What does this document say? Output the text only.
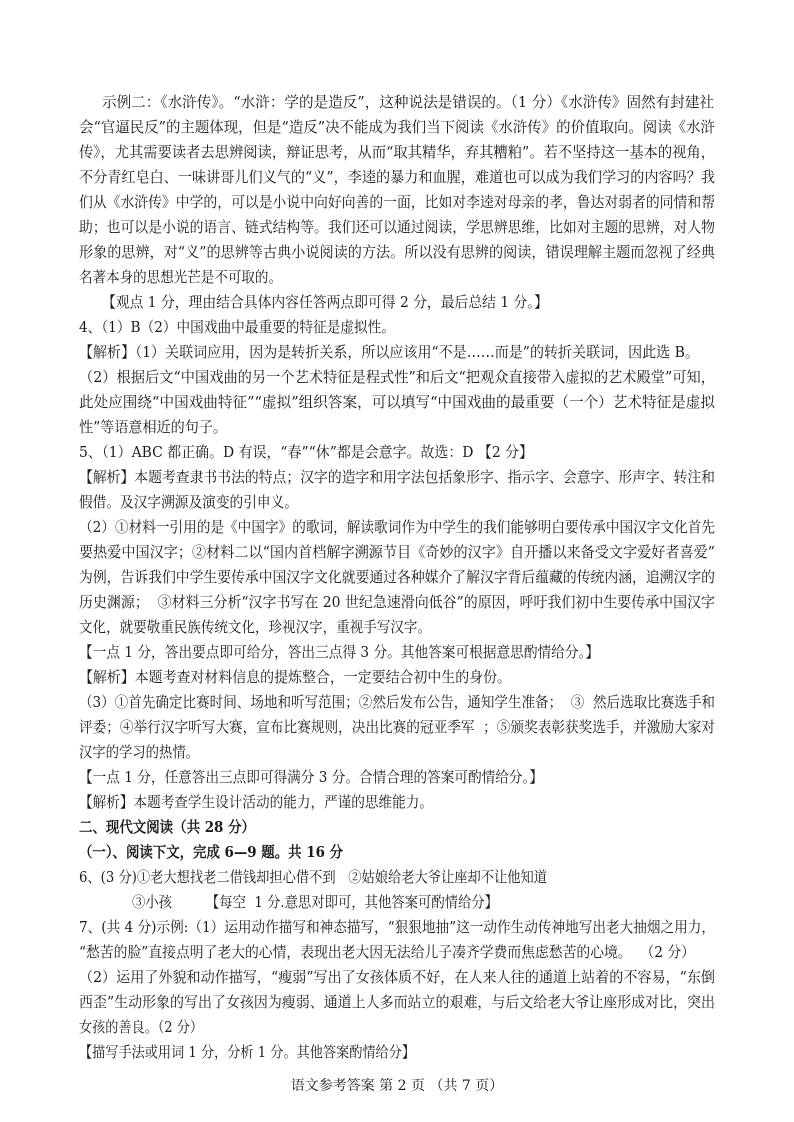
示例二：《水浒传》。“水浒：学的是造反”，这种说法是错误的。（1 分）《水浒传》固然有封建社
会“官逼民反”的主题体现，但是“造反”决不能成为我们当下阅读《水浒传》的价值取向。阅读《水浒
传》，尤其需要读者去思辨阅读，辩证思考，从而“取其精华，弃其糟粕”。若不坚持这一基本的视角，
不分青红皂白、一味讲哥儿们义气的“义”，李逵的暴力和血腥，难道也可以成为我们学习的内容吗？我
们从《水浒传》中学的，可以是小说中向好向善的一面，比如对李逵对母亲的孝，鲁达对弱者的同情和帮
助；也可以是小说的语言、链式结构等。我们还可以通过阅读，学思辨思维，比如对主题的思辨，对人物
形象的思辨，对“义”的思辨等古典小说阅读的方法。所以没有思辨的阅读，错误理解主题而忽视了经典
名著本身的思想光芒是不可取的。
【观点 1 分，理由结合具体内容任答两点即可得 2 分，最后总结 1 分。】
4、（1）B（2）中国戏曲中最重要的特征是虚拟性。
【解析】（1）关联词应用，因为是转折关系，所以应该用“不是……而是”的转折关联词，因此选 B。
（2）根据后文“中国戏曲的另一个艺术特征是程式性”和后文“把观众直接带入虚拟的艺术殿堂”可知，
此处应围绕“中国戏曲特征”“虚拟”组织答案，可以填写“中国戏曲的最重要（一个）艺术特征是虚拟
性”等语意相近的句子。
5、（1）ABC 都正确。D 有误，“春”“休”都是会意字。故选：D 【2 分】
【解析】本题考查隶书书法的特点；汉字的造字和用字法包括象形字、指示字、会意字、形声字、转注和
假借。及汉字溯源及演变的引申义。
（2）①材料一引用的是《中国字》的歌词，解读歌词作为中学生的我们能够明白要传承中国汉字文化首先
要热爱中国汉字；②材料二以“国内首档解字溯源节目《奇妙的汉字》自开播以来备受文字爱好者喜爱”
为例，告诉我们中学生要传承中国汉字文化就要通过各种媒介了解汉字背后蕴藏的传统内涵，追溯汉字的
历史渊源；  ③材料三分析“汉字书写在 20 世纪急速滑向低谷”的原因，呼吁我们初中生要传承中国汉字
文化，就要敬重民族传统文化，珍视汉字，重视手写汉字。
【一点 1 分，答出要点即可给分，答出三点得 3 分。其他答案可根据意思酌情给分。】
【解析】本题考查对材料信息的提炼整合，一定要结合初中生的身份。
（3）①首先确定比赛时间、场地和听写范围；②然后发布公告，通知学生准备；  ③  然后选取比赛选手和
评委；④举行汉字听写大赛，宣布比赛规则，决出比赛的冠亚季军  ；⑤颁奖表彰获奖选手，并激励大家对
汉字的学习的热情。
【一点 1 分，任意答出三点即可得满分 3 分。合情合理的答案可酌情给分。】
【解析】本题考查学生设计活动的能力，严谨的思维能力。
二、现代文阅读（共 28 分）
（一）、阅读下文，完成 6—9 题。共 16 分
6、(3 分)①老大想找老二借钱却担心借不到   ②姑娘给老大爷让座却不让他知道
③小孩        【每空  1 分.意思对即可，其他答案可酌情给分】
7、(共 4 分)示例:（1）运用动作描写和神态描写，“狠狠地抽”这一动作生动传神地写出老大抽烟之用力，
“愁苦的脸”直接点明了老大的心情，表现出老大因无法给儿子凑齐学费而焦虑愁苦的心境。  （2 分）
（2）运用了外貌和动作描写，“瘦弱”写出了女孩体质不好，在人来人往的通道上站着的不容易，“东倒
西歪”生动形象的写出了女孩因为瘦弱、通道上人多而站立的艰难，与后文给老大爷让座形成对比，突出
女孩的善良。（2 分）
【描写手法或用词 1 分，分析 1 分。其他答案酌情给分】
语文参考答案 第 2 页 （共 7 页）
